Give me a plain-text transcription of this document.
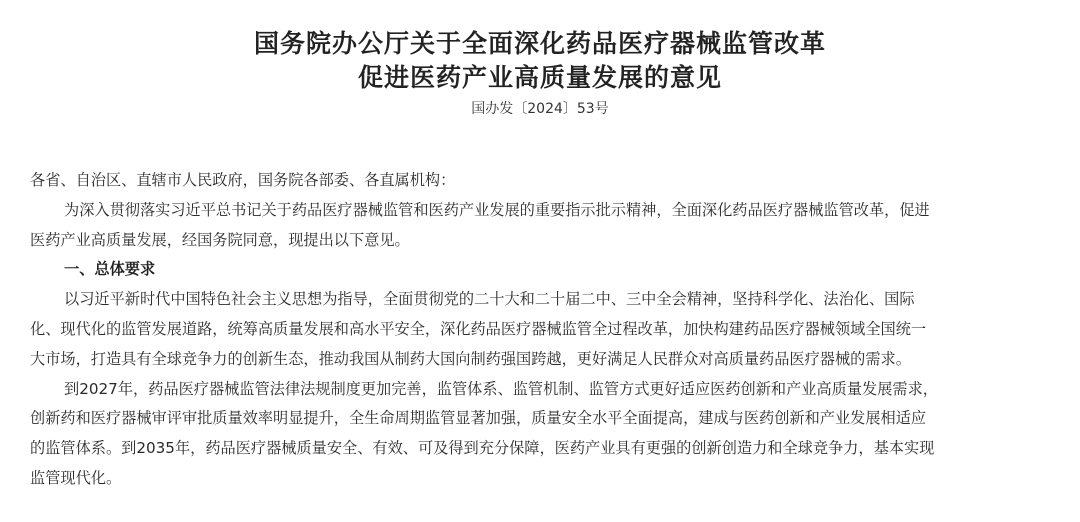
国务院办公厅关于全面深化药品医疗器械监管改革
促进医药产业高质量发展的意见
国办发〔2024〕53号
各省、自治区、直辖市人民政府，国务院各部委、各直属机构：
为深入贯彻落实习近平总书记关于药品医疗器械监管和医药产业发展的重要指示批示精神，全面深化药品医疗器械监管改革，促进
医药产业高质量发展，经国务院同意，现提出以下意见。
一、总体要求
以习近平新时代中国特色社会主义思想为指导，全面贯彻党的二十大和二十届二中、三中全会精神，坚持科学化、法治化、国际
化、现代化的监管发展道路，统筹高质量发展和高水平安全，深化药品医疗器械监管全过程改革，加快构建药品医疗器械领域全国统一
大市场，打造具有全球竞争力的创新生态，推动我国从制药大国向制药强国跨越，更好满足人民群众对高质量药品医疗器械的需求。
到2027年，药品医疗器械监管法律法规制度更加完善，监管体系、监管机制、监管方式更好适应医药创新和产业高质量发展需求，
创新药和医疗器械审评审批质量效率明显提升，全生命周期监管显著加强，质量安全水平全面提高，建成与医药创新和产业发展相适应
的监管体系。到2035年，药品医疗器械质量安全、有效、可及得到充分保障，医药产业具有更强的创新创造力和全球竞争力，基本实现
监管现代化。
